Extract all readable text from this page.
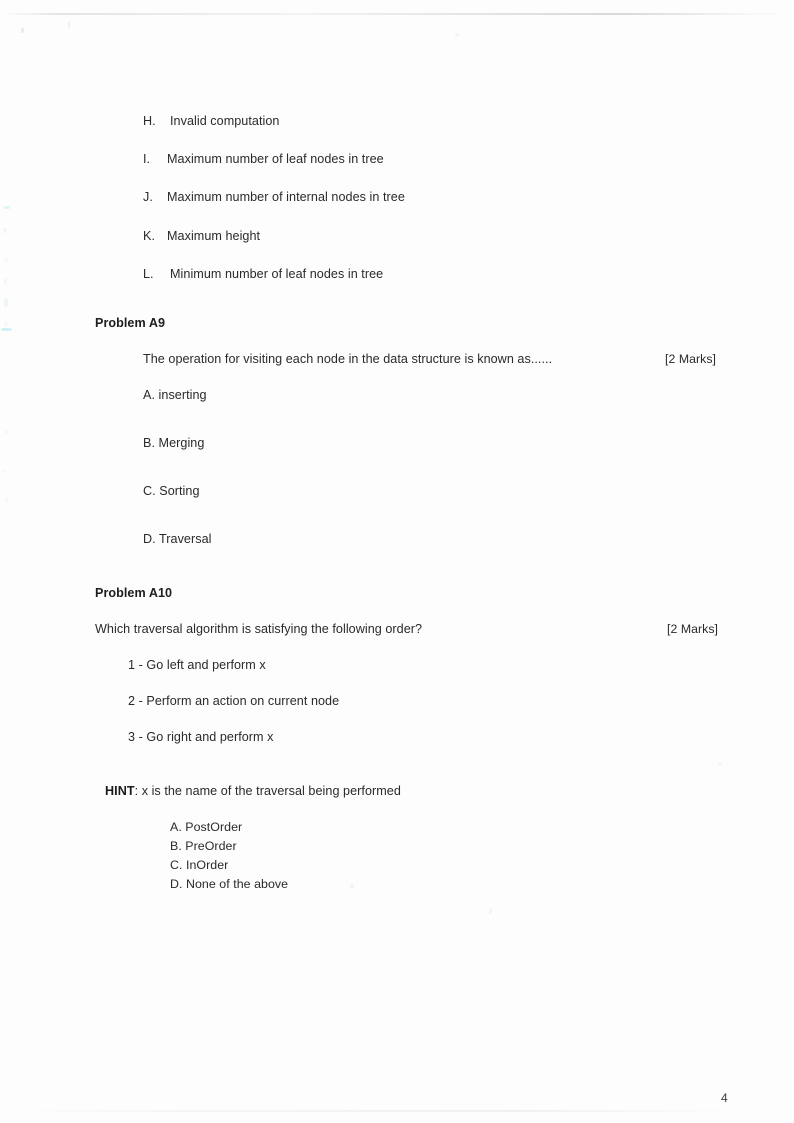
H. Invalid computation
I. Maximum number of leaf nodes in tree
J. Maximum number of internal nodes in tree
K. Maximum height
L. Minimum number of leaf nodes in tree
Problem A9
The operation for visiting each node in the data structure is known as......	[2 Marks]
A. inserting
B. Merging
C. Sorting
D. Traversal
Problem A10
Which traversal algorithm is satisfying the following order?	[2 Marks]
1 - Go left and perform x
2 - Perform an action on current node
3 - Go right and perform x
HINT: x is the name of the traversal being performed
A. PostOrder
B. PreOrder
C. InOrder
D. None of the above
4
